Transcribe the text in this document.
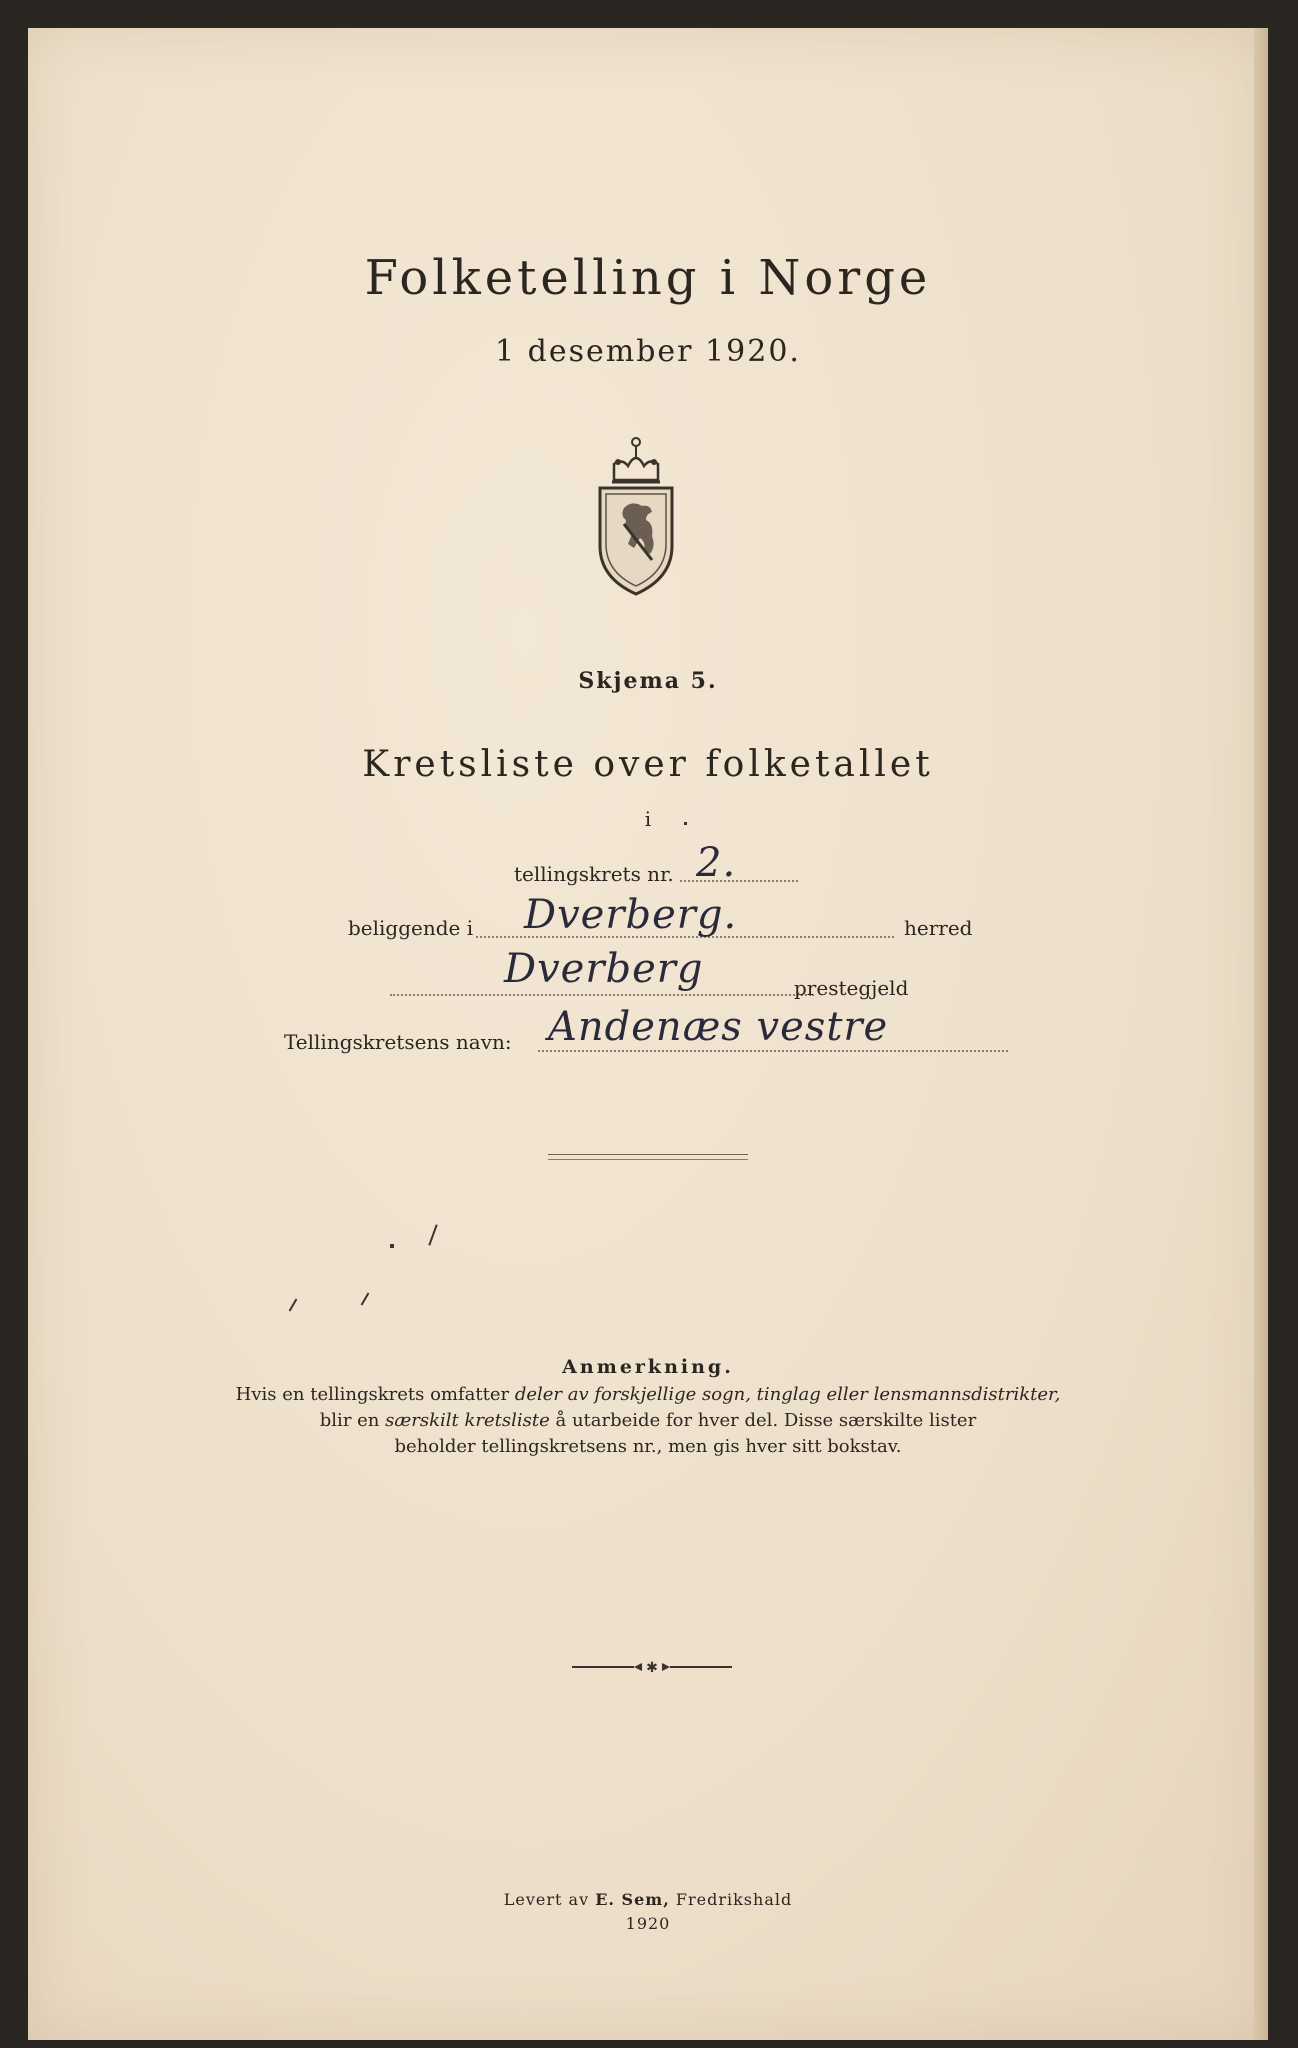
Folketelling i Norge
1 desember 1920.
Skjema 5.
Kretsliste over folketallet
i
tellingskrets nr. 2.
beliggende i Dverberg.	herred
Dverberg	prestegjeld
Tellingskretsens navn: Andenæs vestre
Anmerkning.
Hvis en tellingskrets omfatter deler av forskjellige sogn, tinglag eller lensmannsdistrikter,
blir en særskilt kretsliste å utarbeide for hver del. Disse særskilte lister
beholder tellingskretsens nr., men gis hver sitt bokstav.
✱
Levert av E. Sem, Fredrikshald
1920
